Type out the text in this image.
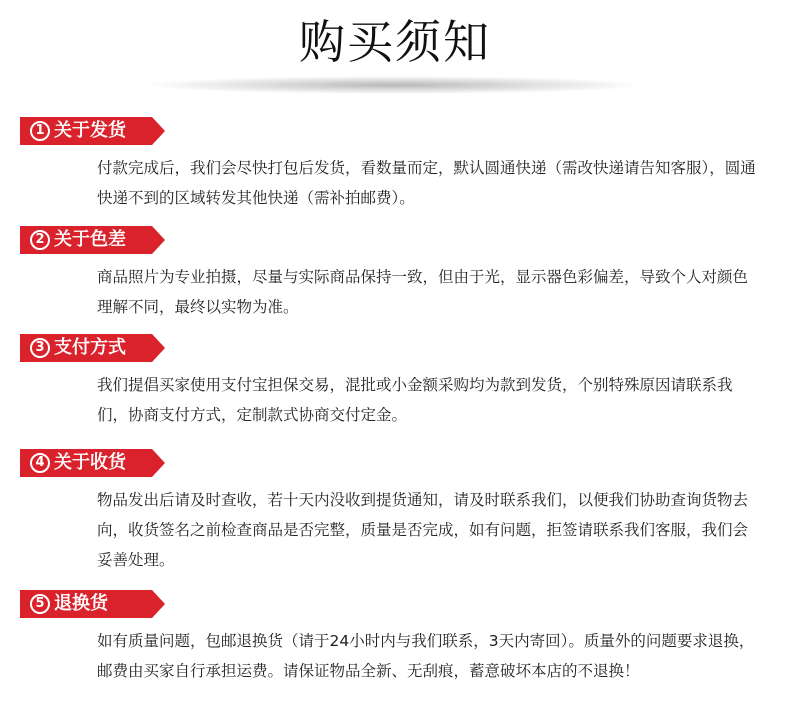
购买须知
1 关于发货

付款完成后，我们会尽快打包后发货，看数量而定，默认圆通快递（需改快递请告知客服），圆通快递不到的区域转发其他快递（需补拍邮费）。

2 关于色差

商品照片为专业拍摄，尽量与实际商品保持一致，但由于光，显示器色彩偏差，导致个人对颜色理解不同，最终以实物为准。

3 支付方式

我们提倡买家使用支付宝担保交易，混批或小金额采购均为款到发货，个别特殊原因请联系我们，协商支付方式，定制款式协商交付定金。

4 关于收货

物品发出后请及时查收，若十天内没收到提货通知，请及时联系我们，以便我们协助查询货物去向，收货签名之前检查商品是否完整，质量是否完成，如有问题，拒签请联系我们客服，我们会妥善处理。

5 退换货

如有质量问题，包邮退换货（请于24小时内与我们联系，3天内寄回）。质量外的问题要求退换，邮费由买家自行承担运费。请保证物品全新、无刮痕，蓄意破坏本店的不退换！
